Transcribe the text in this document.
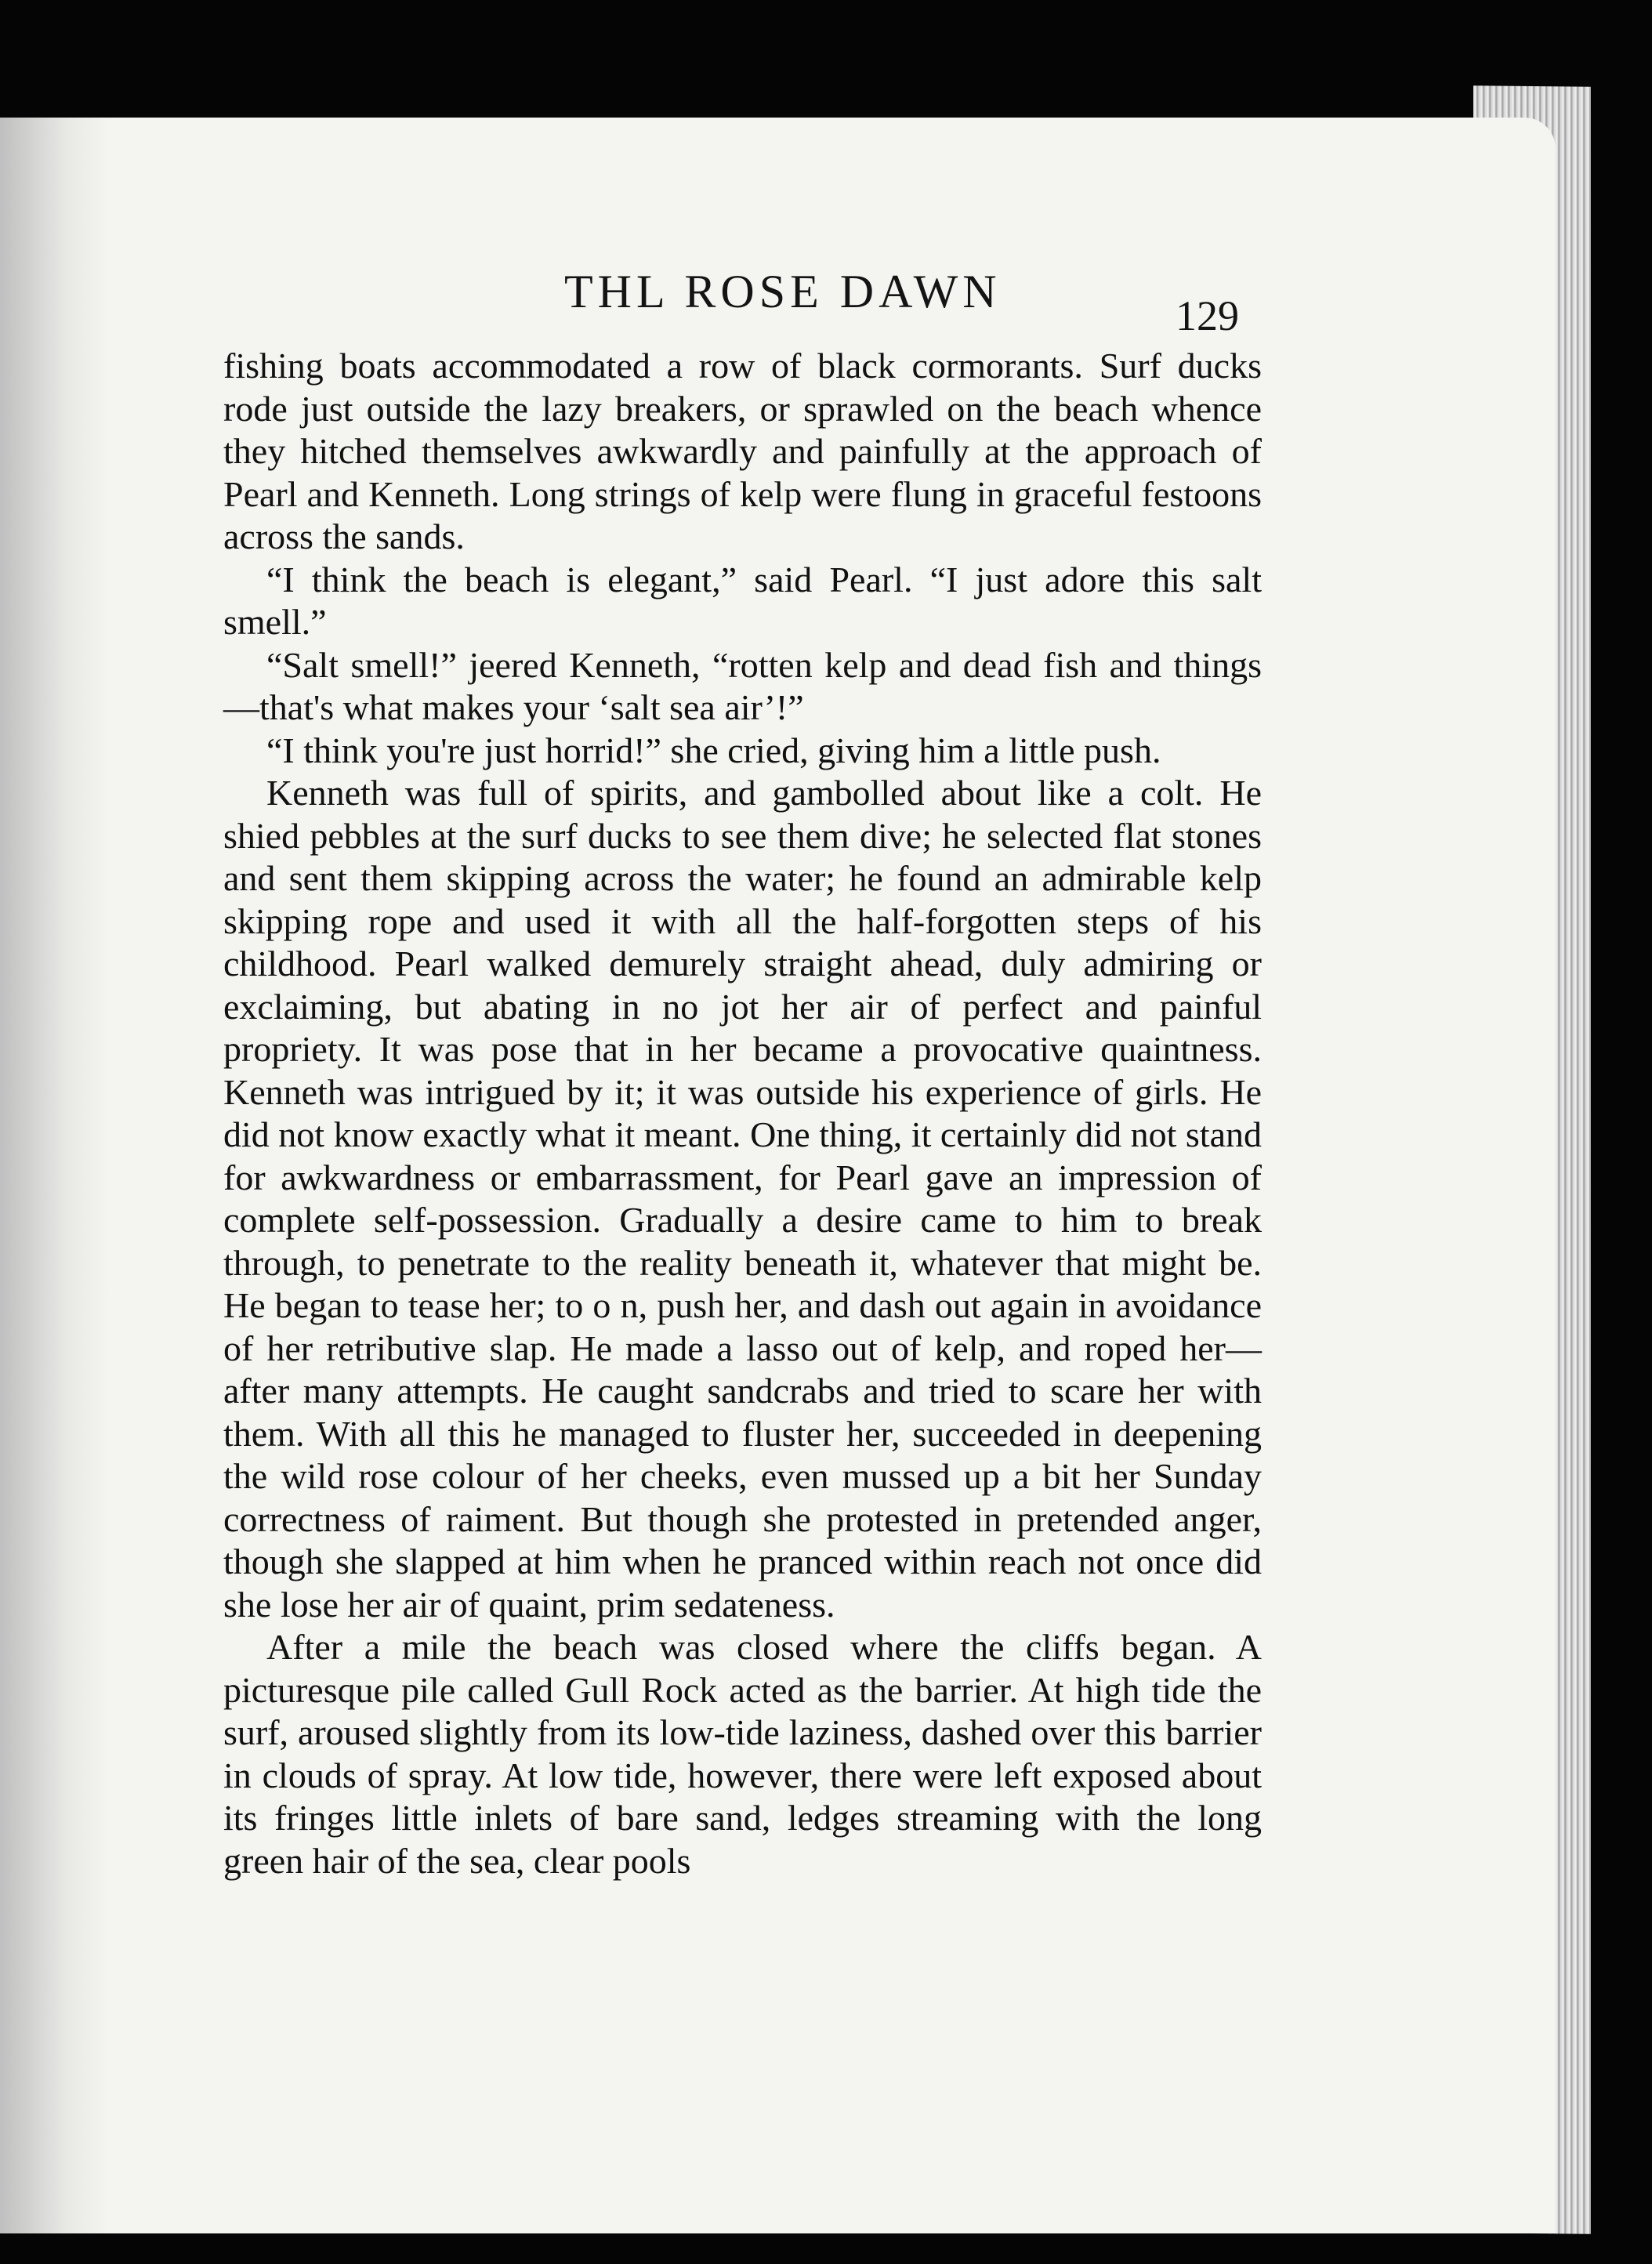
THL ROSE DAWN	129

fishing boats accommodated a row of black cormorants. Surf ducks rode just outside the lazy breakers, or sprawled on the beach whence they hitched themselves awkwardly and painfully at the approach of Pearl and Kenneth. Long strings of kelp were flung in graceful festoons across the sands.

“I think the beach is elegant,” said Pearl. “I just adore this salt smell.”

“Salt smell!” jeered Kenneth, “rotten kelp and dead fish and things—that's what makes your ‘salt sea air’!”

“I think you're just horrid!” she cried, giving him a little push.

Kenneth was full of spirits, and gambolled about like a colt. He shied pebbles at the surf ducks to see them dive; he selected flat stones and sent them skipping across the water; he found an admirable kelp skipping rope and used it with all the half-forgotten steps of his childhood. Pearl walked demurely straight ahead, duly admiring or exclaiming, but abating in no jot her air of perfect and painful propriety. It was pose that in her became a provocative quaintness. Kenneth was intrigued by it; it was outside his experience of girls. He did not know exactly what it meant. One thing, it certainly did not stand for awkwardness or embarrassment, for Pearl gave an impression of complete self-possession. Gradually a desire came to him to break through, to penetrate to the reality beneath it, whatever that might be. He began to tease her; to o n, push her, and dash out again in avoidance of her retributive slap. He made a lasso out of kelp, and roped her—after many attempts. He caught sandcrabs and tried to scare her with them. With all this he managed to fluster her, succeeded in deepening the wild rose colour of her cheeks, even mussed up a bit her Sunday correctness of raiment. But though she protested in pretended anger, though she slapped at him when he pranced within reach not once did she lose her air of quaint, prim sedateness.

After a mile the beach was closed where the cliffs began. A picturesque pile called Gull Rock acted as the barrier. At high tide the surf, aroused slightly from its low-tide laziness, dashed over this barrier in clouds of spray. At low tide, however, there were left exposed about its fringes little inlets of bare sand, ledges streaming with the long green hair of the sea, clear pools
